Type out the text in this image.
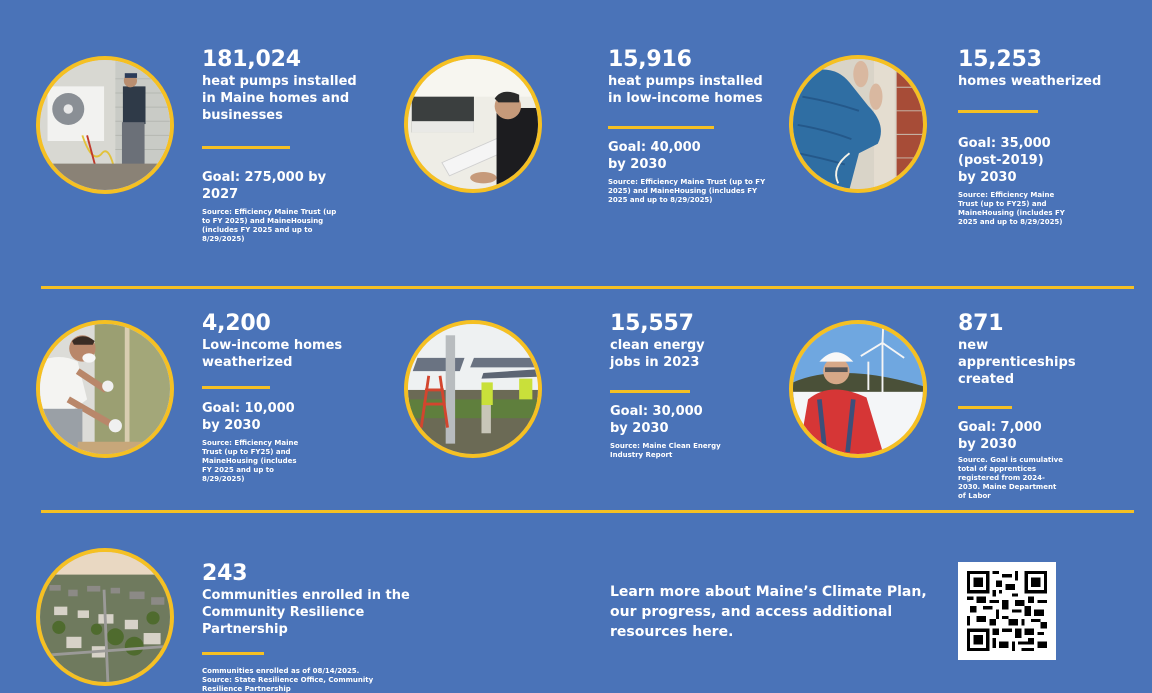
181,024
heat pumps installed in Maine homes and businesses
Goal: 275,000 by 2027
Source: Efficiency Maine Trust (up to FY 2025) and MaineHousing (includes FY 2025 and up to 8/29/2025)
15,916
heat pumps installed in low-income homes
Goal: 40,000 by 2030
Source: Efficiency Maine Trust (up to FY 2025) and MaineHousing (includes FY 2025 and up to 8/29/2025)
15,253
homes weatherized
Goal: 35,000 (post-2019) by 2030
Source: Efficiency Maine Trust (up to FY25) and MaineHousing (includes FY 2025 and up to 8/29/2025)
4,200
Low-income homes weatherized
Goal: 10,000 by 2030
Source: Efficiency Maine Trust (up to FY25) and MaineHousing (includes FY 2025 and up to 8/29/2025)
15,557
clean energy jobs in 2023
Goal: 30,000 by 2030
Source: Maine Clean Energy Industry Report
871
new apprenticeships created
Goal: 7,000 by 2030
Source. Goal is cumulative total of apprentices registered from 2024-2030. Maine Department of Labor
243
Communities enrolled in the Community Resilience Partnership
Communities enrolled as of 08/14/2025. Source: State Resilience Office, Community Resilience Partnership
Learn more about Maine’s Climate Plan, our progress, and access additional resources here.
